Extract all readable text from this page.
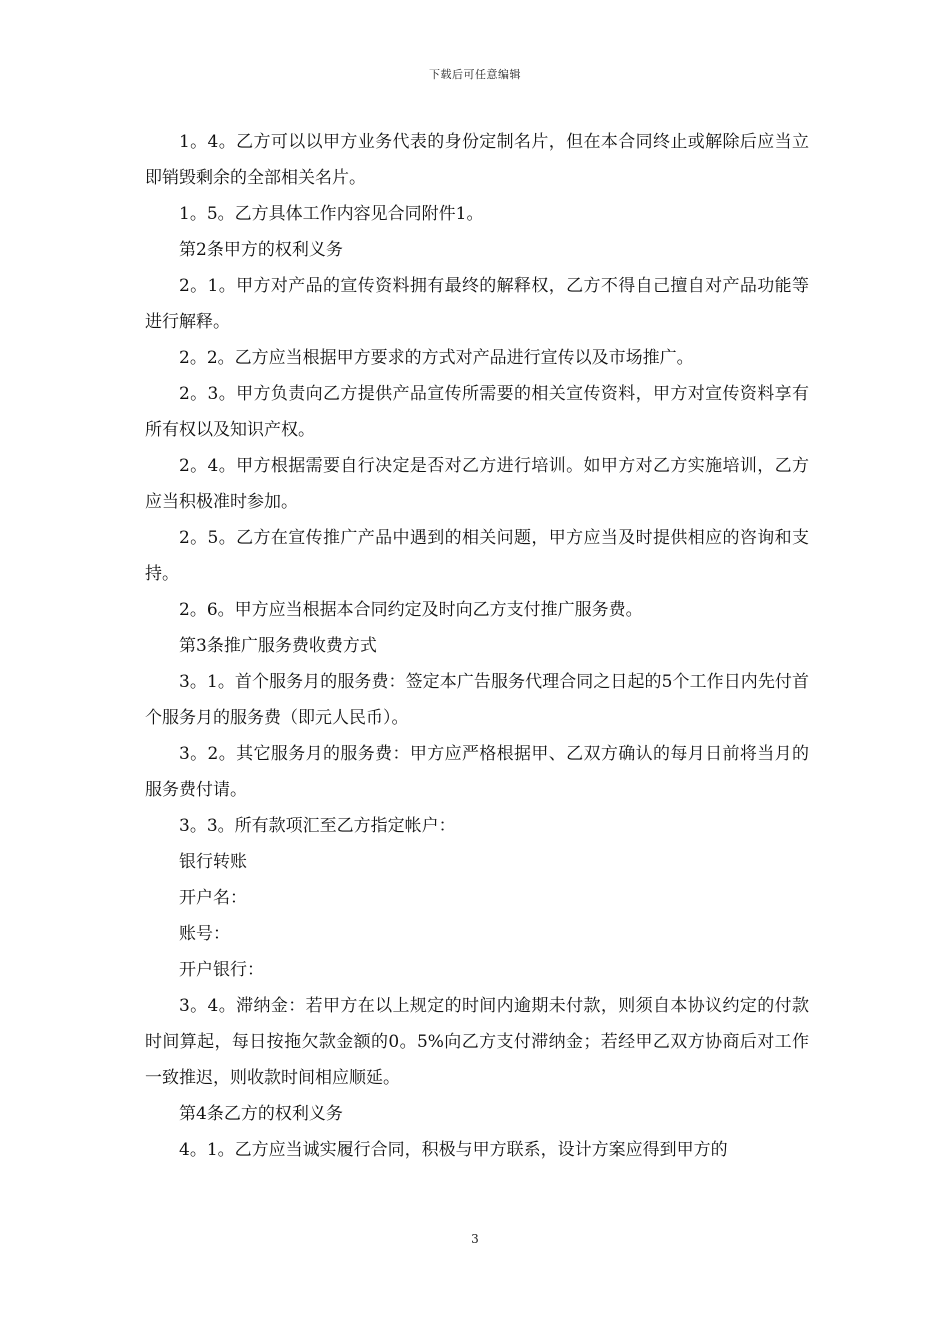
下载后可任意编辑

1。4。乙方可以以甲方业务代表的身份定制名片，但在本合同终止或解除后应当立即销毁剩余的全部相关名片。

1。5。乙方具体工作内容见合同附件1。

第2条甲方的权利义务

2。1。甲方对产品的宣传资料拥有最终的解释权，乙方不得自己擅自对产品功能等进行解释。

2。2。乙方应当根据甲方要求的方式对产品进行宣传以及市场推广。

2。3。甲方负责向乙方提供产品宣传所需要的相关宣传资料，甲方对宣传资料享有所有权以及知识产权。

2。4。甲方根据需要自行决定是否对乙方进行培训。如甲方对乙方实施培训，乙方应当积极准时参加。

2。5。乙方在宣传推广产品中遇到的相关问题，甲方应当及时提供相应的咨询和支持。

2。6。甲方应当根据本合同约定及时向乙方支付推广服务费。

第3条推广服务费收费方式

3。1。首个服务月的服务费：签定本广告服务代理合同之日起的5个工作日内先付首个服务月的服务费（即元人民币）。

3。2。其它服务月的服务费：甲方应严格根据甲、乙双方确认的每月日前将当月的服务费付请。

3。3。所有款项汇至乙方指定帐户：

银行转账

开户名：

账号：

开户银行：

3。4。滞纳金：若甲方在以上规定的时间内逾期未付款，则须自本协议约定的付款时间算起，每日按拖欠款金额的0。5%向乙方支付滞纳金；若经甲乙双方协商后对工作一致推迟，则收款时间相应顺延。

第4条乙方的权利义务

4。1。乙方应当诚实履行合同，积极与甲方联系，设计方案应得到甲方的

3
